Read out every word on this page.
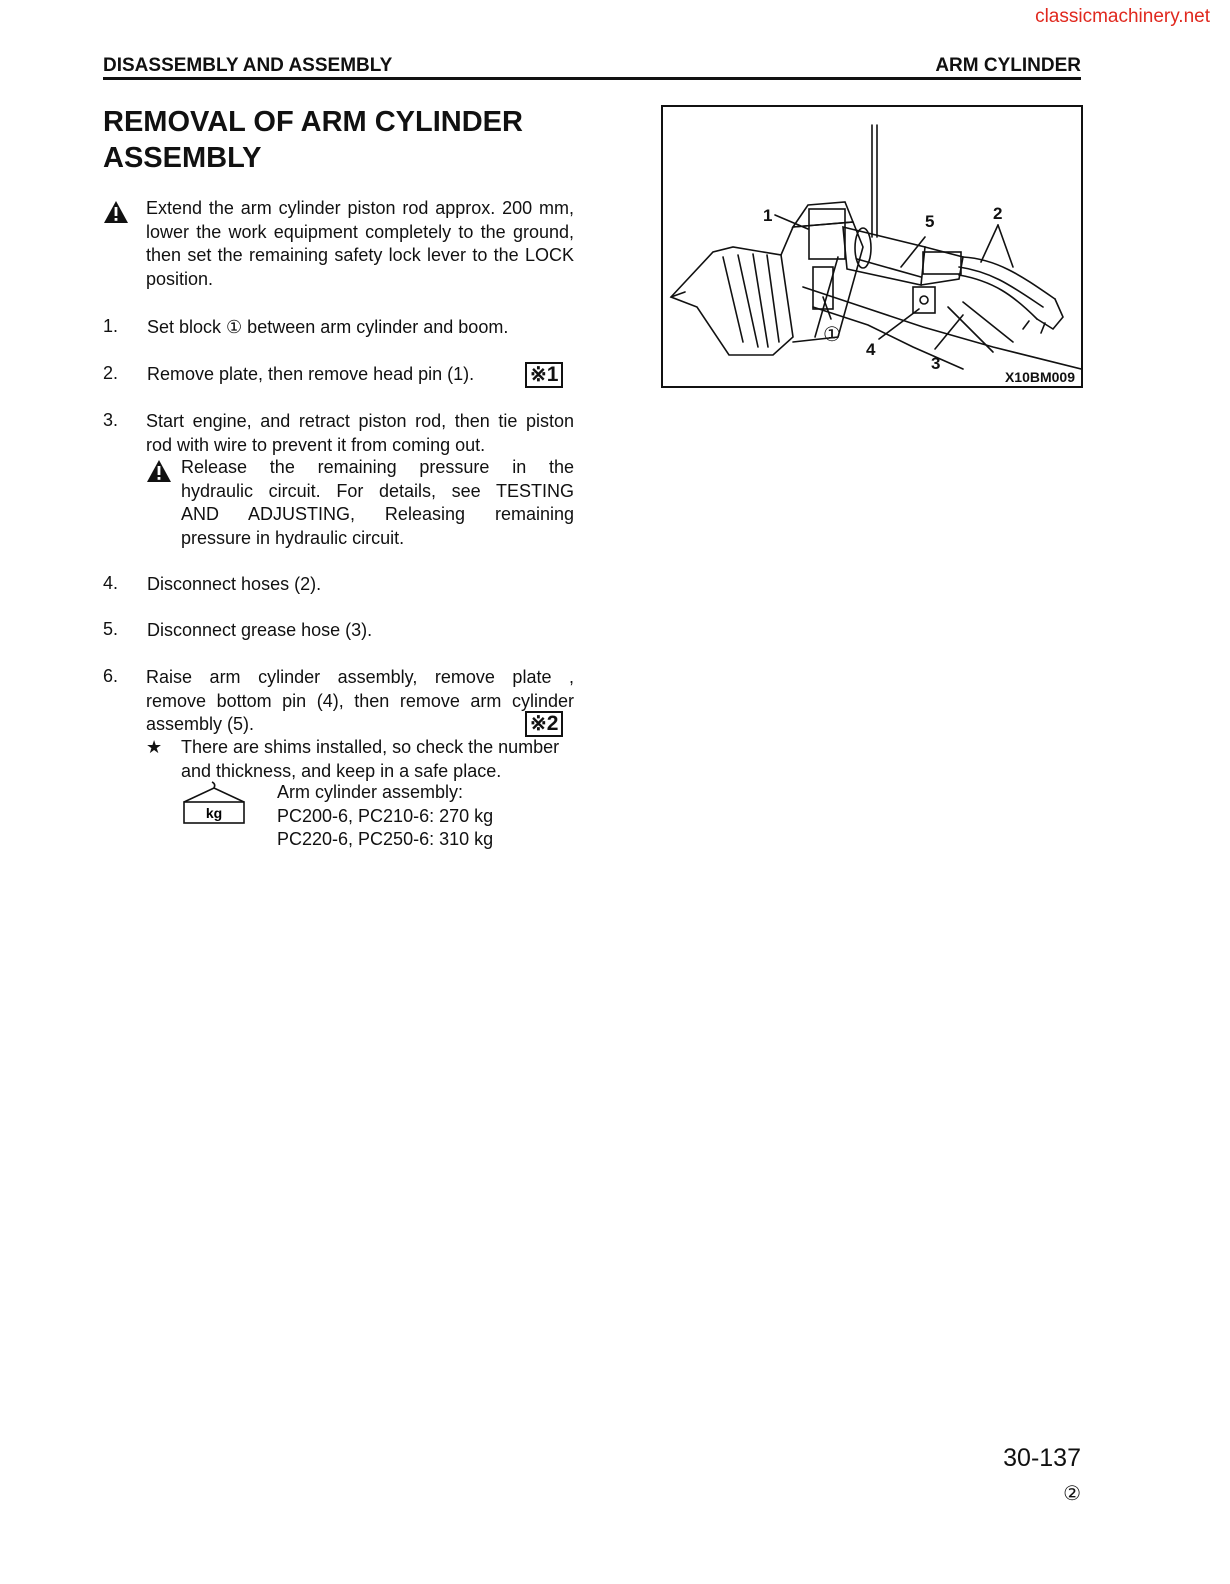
classicmachinery.net
DISASSEMBLY AND ASSEMBLY	ARM CYLINDER
REMOVAL OF ARM CYLINDER
ASSEMBLY
Extend the arm cylinder piston rod approx. 200 mm,
lower the work equipment completely to the ground,
then set the remaining safety lock lever to the LOCK
position.
1. Set block ① between arm cylinder and boom.
2. Remove plate, then remove head pin (1).	※1
3. Start engine, and retract piston rod, then tie piston
rod with wire to prevent it from coming out.
Release the remaining pressure in the
hydraulic circuit. For details, see TESTING
AND ADJUSTING, Releasing remaining
pressure in hydraulic circuit.
4. Disconnect hoses (2).
5. Disconnect grease hose (3).
6. Raise arm cylinder assembly, remove plate ,
remove bottom pin (4), then remove arm cylinder
assembly (5).	※2
★ There are shims installed, so check the number
and thickness, and keep in a safe place.
kg
Arm cylinder assembly:
PC200-6, PC210-6: 270 kg
PC220-6, PC250-6: 310 kg
1	2
3
4
5
①
X10BM009
30-137
②
